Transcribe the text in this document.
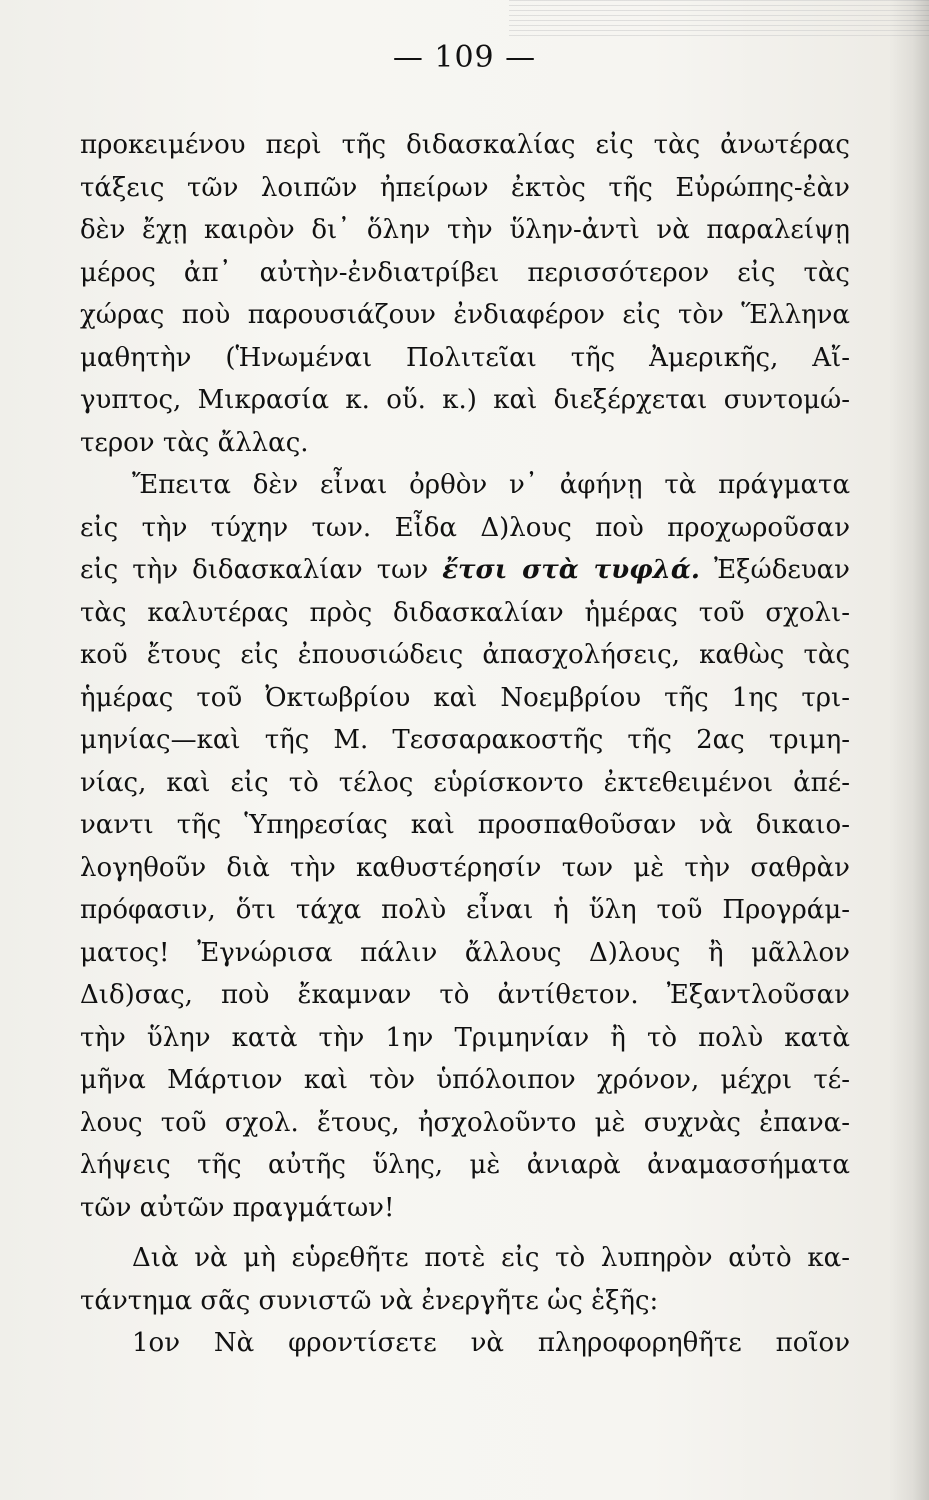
— 109 —
προκειμένου περὶ τῆς διδασκαλίας εἰς τὰς ἀνωτέρας
τάξεις τῶν λοιπῶν ἠπείρων ἐκτὸς τῆς Εὐρώπης-ἐὰν
δὲν ἔχῃ καιρὸν δι᾽ ὅλην τὴν ὕλην-ἀντὶ νὰ παραλείψῃ
μέρος ἀπ᾽ αὐτὴν-ἐνδιατρίβει περισσότερον εἰς τὰς
χώρας ποὺ παρουσιάζουν ἐνδιαφέρον εἰς τὸν Ἕλληνα
μαθητὴν (Ἡνωμέναι Πολιτεῖαι τῆς Ἀμερικῆς, Αἴ-
γυπτος, Μικρασία κ. οὕ. κ.) καὶ διεξέρχεται συντομώ-
τερον τὰς ἄλλας.
Ἔπειτα δὲν εἶναι ὀρθὸν ν᾽ ἀφήνῃ τὰ πράγματα
εἰς τὴν τύχην των. Εἶδα Δ)λους ποὺ προχωροῦσαν
εἰς τὴν διδασκαλίαν των ἔτσι στὰ τυφλά. Ἐξώδευαν
τὰς καλυτέρας πρὸς διδασκαλίαν ἡμέρας τοῦ σχολι-
κοῦ ἔτους εἰς ἐπουσιώδεις ἀπασχολήσεις, καθὼς τὰς
ἡμέρας τοῦ Ὀκτωβρίου καὶ Νοεμβρίου τῆς 1ης τρι-
μηνίας—καὶ τῆς Μ. Τεσσαρακοστῆς τῆς 2ας τριμη-
νίας, καὶ εἰς τὸ τέλος εὑρίσκοντο ἐκτεθειμένοι ἀπέ-
ναντι τῆς Ὑπηρεσίας καὶ προσπαθοῦσαν νὰ δικαιο-
λογηθοῦν διὰ τὴν καθυστέρησίν των μὲ τὴν σαθρὰν
πρόφασιν, ὅτι τάχα πολὺ εἶναι ἡ ὕλη τοῦ Προγράμ-
ματος! Ἐγνώρισα πάλιν ἄλλους Δ)λους ἢ μᾶλλον
Διδ)σας, ποὺ ἔκαμναν τὸ ἀντίθετον. Ἐξαντλοῦσαν
τὴν ὕλην κατὰ τὴν 1ην Τριμηνίαν ἢ τὸ πολὺ κατὰ
μῆνα Μάρτιον καὶ τὸν ὑπόλοιπον χρόνον, μέχρι τέ-
λους τοῦ σχολ. ἔτους, ἠσχολοῦντο μὲ συχνὰς ἐπανα-
λήψεις τῆς αὐτῆς ὕλης, μὲ ἀνιαρὰ ἀναμασσήματα
τῶν αὐτῶν πραγμάτων!
Διὰ νὰ μὴ εὑρεθῆτε ποτὲ εἰς τὸ λυπηρὸν αὐτὸ κα-
τάντημα σᾶς συνιστῶ νὰ ἐνεργῆτε ὡς ἑξῆς:
1ον Νὰ φροντίσετε νὰ πληροφορηθῆτε ποῖον
